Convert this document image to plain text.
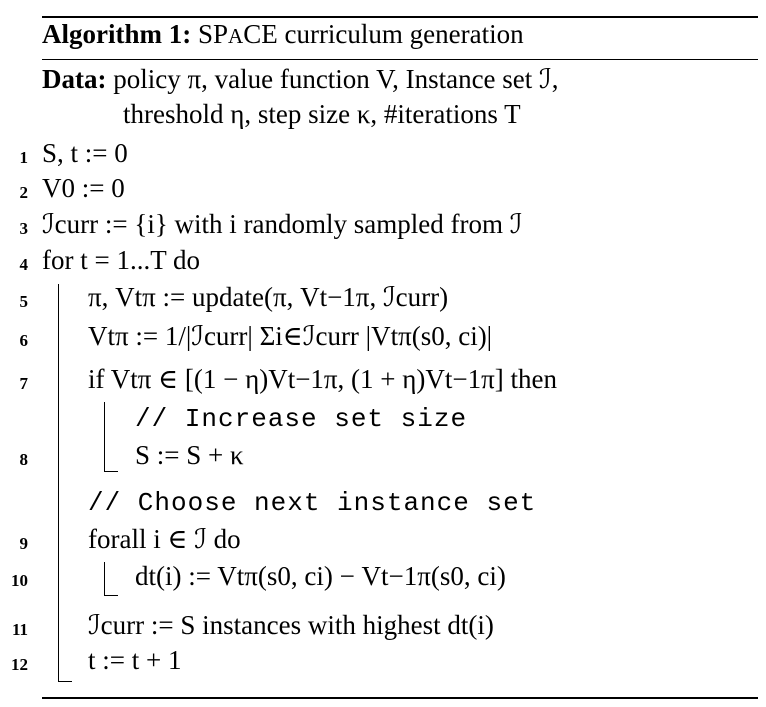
Algorithm 1: SPACE curriculum generation
Data: policy π, value function V, Instance set ℐ,
threshold η, step size κ, #iterations T
1
2
3
4
5
6
7
8
9
10
11
12
S, t := 0
V0 := 0
ℐcurr := {i} with i randomly sampled from ℐ
for t = 1...T do
π, Vtπ := update(π, Vt−1π, ℐcurr)
Vtπ := 1/|ℐcurr| Σi∈ℐcurr |Vtπ(s0, ci)|
if Vtπ ∈ [(1 − η)Vt−1π, (1 + η)Vt−1π] then
// Increase set size
S := S + κ
// Choose next instance set
forall i ∈ ℐ do
dt(i) := Vtπ(s0, ci) − Vt−1π(s0, ci)
ℐcurr := S instances with highest dt(i)
t := t + 1
